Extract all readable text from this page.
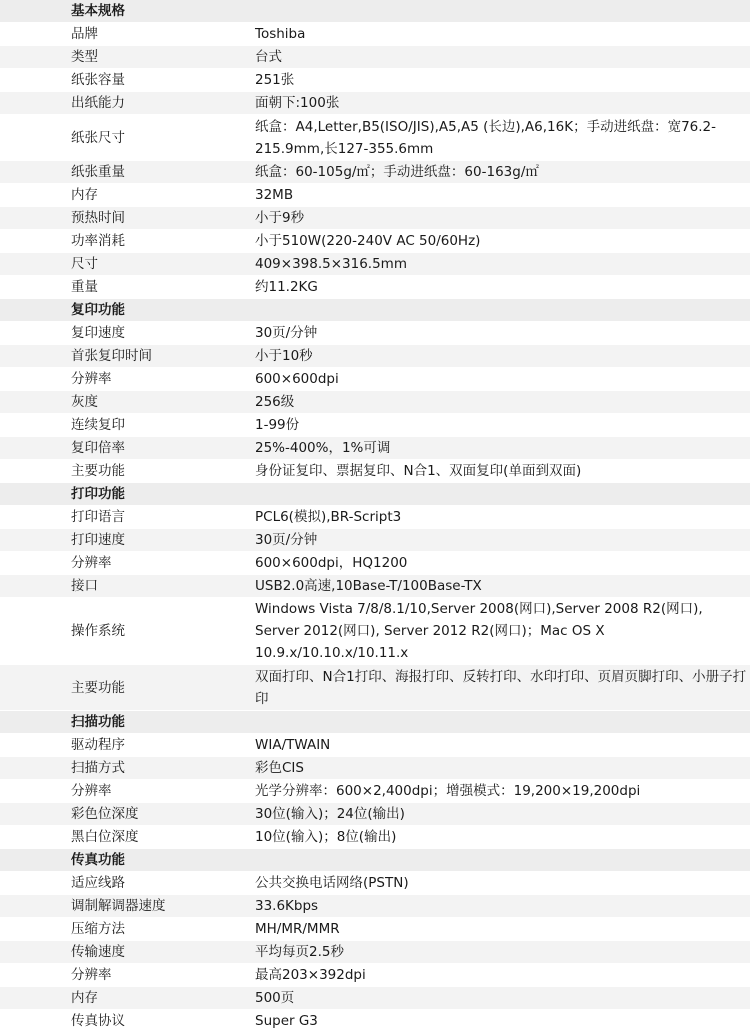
基本规格	
品牌	Toshiba
类型	台式
纸张容量	251张
出纸能力	面朝下:100张
纸张尺寸	纸盒：A4,Letter,B5(ISO/JIS),A5,A5 (长边),A6,16K；手动进纸盘：宽76.2-215.9mm,长127-355.6mm
纸张重量	纸盒：60-105g/㎡；手动进纸盘：60-163g/㎡
内存	32MB
预热时间	小于9秒
功率消耗	小于510W(220-240V AC 50/60Hz)
尺寸	409×398.5×316.5mm
重量	约11.2KG
复印功能	
复印速度	30页/分钟
首张复印时间	小于10秒
分辨率	600×600dpi
灰度	256级
连续复印	1-99份
复印倍率	25%-400%，1%可调
主要功能	身份证复印、票据复印、N合1、双面复印(单面到双面)
打印功能	
打印语言	PCL6(模拟),BR-Script3
打印速度	30页/分钟
分辨率	600×600dpi，HQ1200
接口	USB2.0高速,10Base-T/100Base-TX
操作系统	Windows Vista 7/8/8.1/10,Server 2008(网口),Server 2008 R2(网口), Server 2012(网口), Server 2012 R2(网口)；Mac OS X 10.9.x/10.10.x/10.11.x
主要功能	双面打印、N合1打印、海报打印、反转打印、水印打印、页眉页脚打印、小册子打印
扫描功能	
驱动程序	WIA/TWAIN
扫描方式	彩色CIS
分辨率	光学分辨率：600×2,400dpi；增强模式：19,200×19,200dpi
彩色位深度	30位(输入)；24位(输出)
黑白位深度	10位(输入)；8位(输出)
传真功能	
适应线路	公共交换电话网络(PSTN)
调制解调器速度	33.6Kbps
压缩方法	MH/MR/MMR
传输速度	平均每页2.5秒
分辨率	最高203×392dpi
内存	500页
传真协议	Super G3
